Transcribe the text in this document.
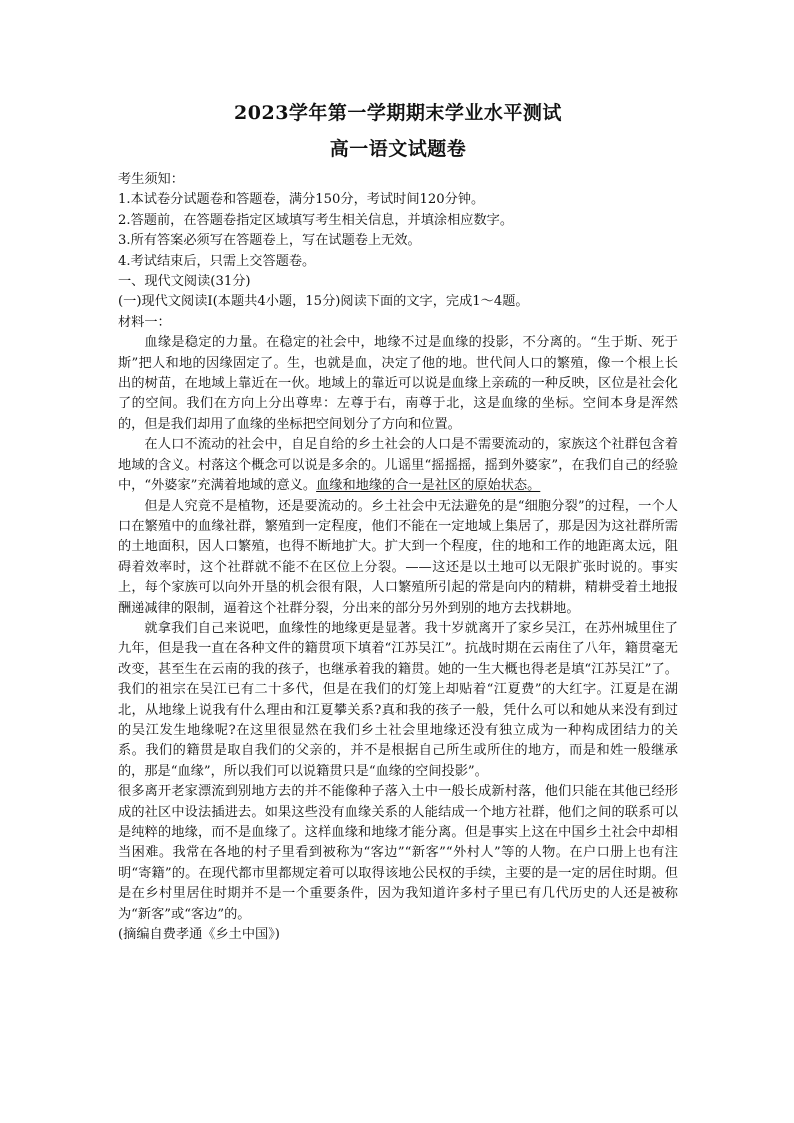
2023学年第一学期期末学业水平测试
高一语文试题卷

考生须知：

1.本试卷分试题卷和答题卷，满分150分，考试时间120分钟。

2.答题前，在答题卷指定区域填写考生相关信息，并填涂相应数字。

3.所有答案必须写在答题卷上，写在试题卷上无效。

4.考试结束后，只需上交答题卷。

一、现代文阅读(31分)

(一)现代文阅读I(本题共4小题，15分)阅读下面的文字，完成1～4题。

材料一：

血缘是稳定的力量。在稳定的社会中，地缘不过是血缘的投影，不分离的。“生于斯、死于斯”把人和地的因缘固定了。生，也就是血，决定了他的地。世代间人口的繁殖，像一个根上长出的树苗，在地域上靠近在一伙。地域上的靠近可以说是血缘上亲疏的一种反映，区位是社会化了的空间。我们在方向上分出尊卑：左尊于右，南尊于北，这是血缘的坐标。空间本身是浑然的，但是我们却用了血缘的坐标把空间划分了方向和位置。

在人口不流动的社会中，自足自给的乡土社会的人口是不需要流动的，家族这个社群包含着地域的含义。村落这个概念可以说是多余的。儿谣里“摇摇摇，摇到外婆家”，在我们自己的经验中，“外婆家”充满着地域的意义。血缘和地缘的合一是社区的原始状态。

但是人究竟不是植物，还是要流动的。乡土社会中无法避免的是“细胞分裂”的过程，一个人口在繁殖中的血缘社群，繁殖到一定程度，他们不能在一定地域上集居了，那是因为这社群所需的土地面积，因人口繁殖，也得不断地扩大。扩大到一个程度，住的地和工作的地距离太远，阻碍着效率时，这个社群就不能不在区位上分裂。——这还是以土地可以无限扩张时说的。事实上，每个家族可以向外开垦的机会很有限，人口繁殖所引起的常是向内的精耕，精耕受着土地报酬递减律的限制，逼着这个社群分裂，分出来的部分另外到别的地方去找耕地。

就拿我们自己来说吧，血缘性的地缘更是显著。我十岁就离开了家乡吴江，在苏州城里住了九年，但是我一直在各种文件的籍贯项下填着“江苏吴江”。抗战时期在云南住了八年，籍贯毫无改变，甚至生在云南的我的孩子，也继承着我的籍贯。她的一生大概也得老是填“江苏吴江”了。我们的祖宗在吴江已有二十多代，但是在我们的灯笼上却贴着“江夏费”的大红字。江夏是在湖北，从地缘上说我有什么理由和江夏攀关系?真和我的孩子一般，凭什么可以和她从来没有到过的吴江发生地缘呢?在这里很显然在我们乡土社会里地缘还没有独立成为一种构成团结力的关系。我们的籍贯是取自我们的父亲的，并不是根据自己所生或所住的地方，而是和姓一般继承的，那是“血缘”，所以我们可以说籍贯只是“血缘的空间投影”。

很多离开老家漂流到别地方去的并不能像种子落入土中一般长成新村落，他们只能在其他已经形成的社区中设法插进去。如果这些没有血缘关系的人能结成一个地方社群，他们之间的联系可以是纯粹的地缘，而不是血缘了。这样血缘和地缘才能分离。但是事实上这在中国乡土社会中却相当困难。我常在各地的村子里看到被称为“客边”“新客”“外村人”等的人物。在户口册上也有注明“寄籍”的。在现代都市里都规定着可以取得该地公民权的手续，主要的是一定的居住时期。但是在乡村里居住时期并不是一个重要条件，因为我知道许多村子里已有几代历史的人还是被称为“新客”或“客边”的。

(摘编自费孝通《乡土中国》)
